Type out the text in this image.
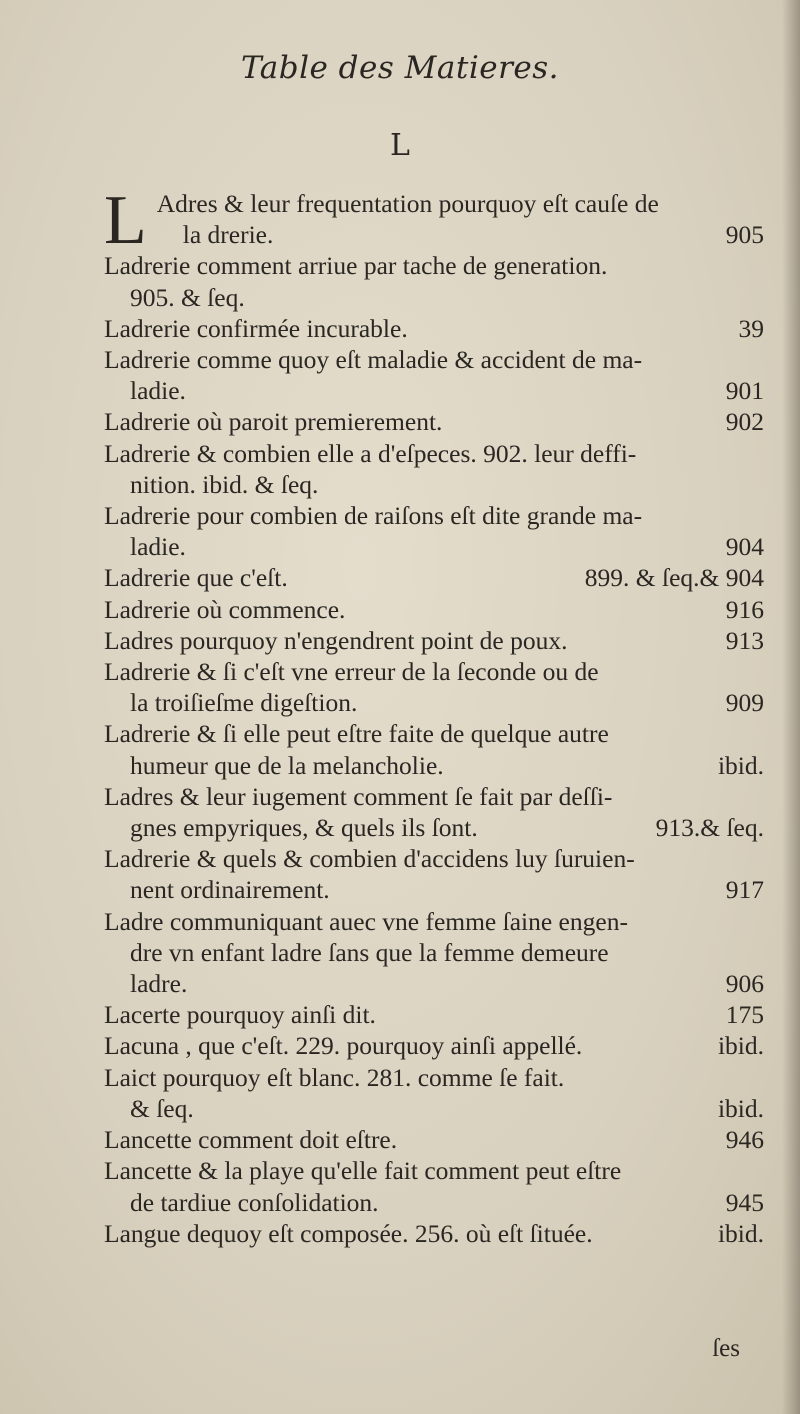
Table des Matieres.
L
L Adres & leur frequentation pourquoy eſt cauſe de
la drerie.	905
Ladrerie comment arriue par tache de generation.
905. & ſeq.
Ladrerie confirmée incurable.	39
Ladrerie comme quoy eſt maladie & accident de ma-
ladie.	901
Ladrerie où paroit premierement.	902
Ladrerie & combien elle a d'eſpeces. 902. leur deffi-
nition. ibid. & ſeq.
Ladrerie pour combien de raiſons eſt dite grande ma-
ladie.	904
Ladrerie que c'eſt.	899. & ſeq.& 904
Ladrerie où commence.	916
Ladres pourquoy n'engendrent point de poux.	913
Ladrerie & ſi c'eſt vne erreur de la ſeconde ou de
la troiſieſme digeſtion.	909
Ladrerie & ſi elle peut eſtre faite de quelque autre
humeur que de la melancholie.	ibid.
Ladres & leur iugement comment ſe fait par deſſi-
gnes empyriques, & quels ils ſont.	913.& ſeq.
Ladrerie & quels & combien d'accidens luy ſuruien-
nent ordinairement.	917
Ladre communiquant auec vne femme ſaine engen-
dre vn enfant ladre ſans que la femme demeure
ladre.	906
Lacerte pourquoy ainſi dit.	175
Lacuna , que c'eſt. 229. pourquoy ainſi appellé.	ibid.
Laict pourquoy eſt blanc. 281. comme ſe fait.
& ſeq.	ibid.
Lancette comment doit eſtre.	946
Lancette & la playe qu'elle fait comment peut eſtre
de tardiue conſolidation.	945
Langue dequoy eſt composée. 256. où eſt ſituée.	ibid.
ſes
